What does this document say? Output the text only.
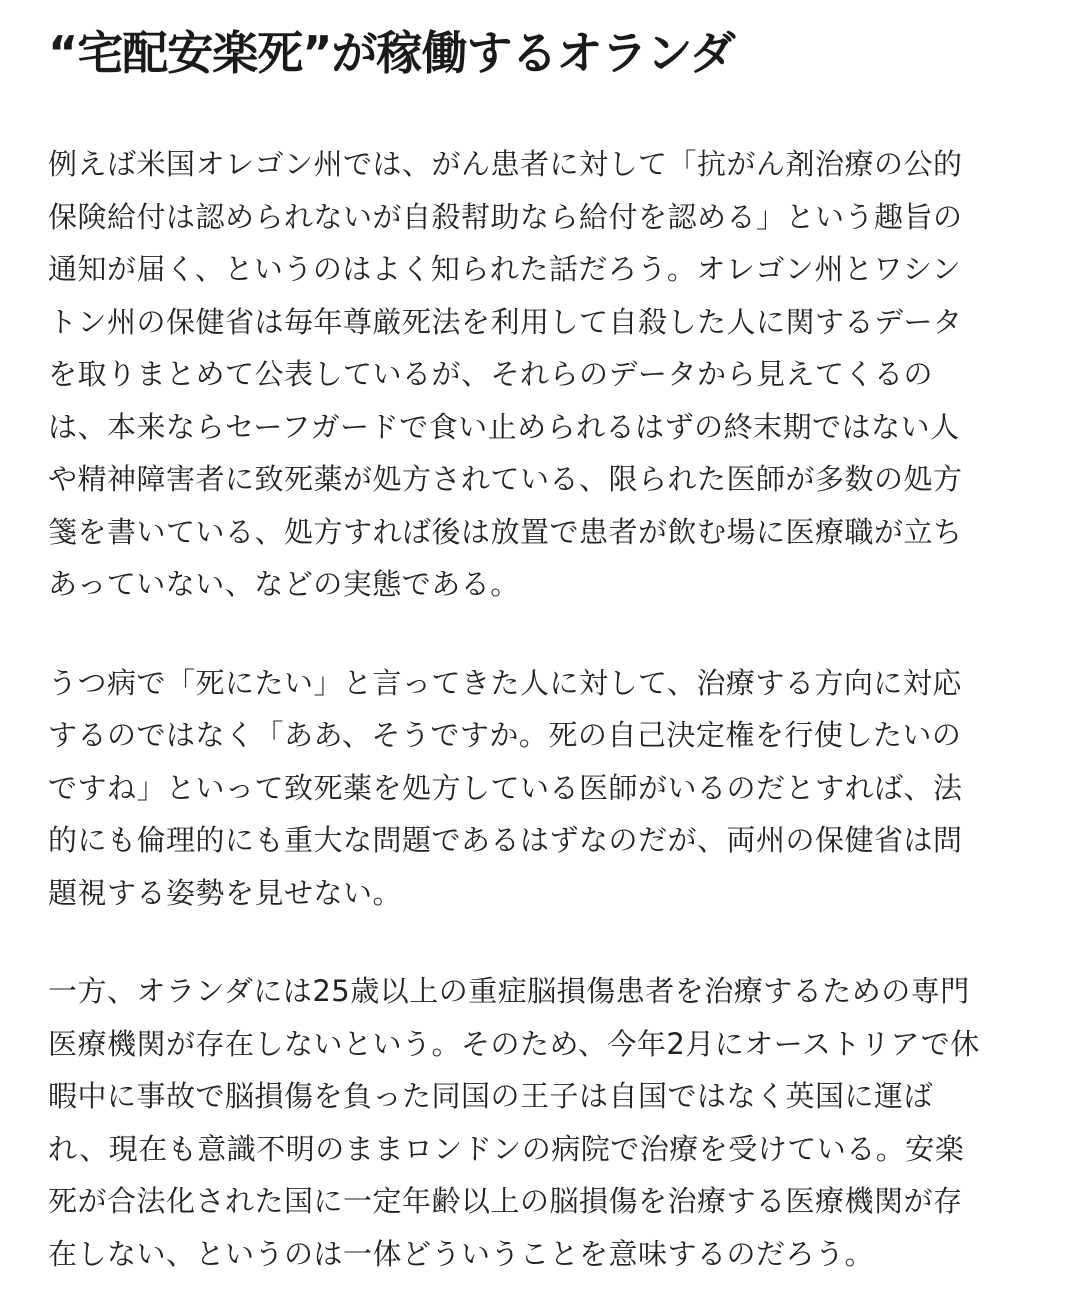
“宅配安楽死”が稼働するオランダ
例えば米国オレゴン州では、がん患者に対して「抗がん剤治療の公的
保険給付は認められないが自殺幇助なら給付を認める」という趣旨の
通知が届く、というのはよく知られた話だろう。オレゴン州とワシン
トン州の保健省は毎年尊厳死法を利用して自殺した人に関するデータ
を取りまとめて公表しているが、それらのデータから見えてくるの
は、本来ならセーフガードで食い止められるはずの終末期ではない人
や精神障害者に致死薬が処方されている、限られた医師が多数の処方
箋を書いている、処方すれば後は放置で患者が飲む場に医療職が立ち
あっていない、などの実態である。
うつ病で「死にたい」と言ってきた人に対して、治療する方向に対応
するのではなく「ああ、そうですか。死の自己決定権を行使したいの
ですね」といって致死薬を処方している医師がいるのだとすれば、法
的にも倫理的にも重大な問題であるはずなのだが、両州の保健省は問
題視する姿勢を見せない。
一方、オランダには25歳以上の重症脳損傷患者を治療するための専門
医療機関が存在しないという。そのため、今年2月にオーストリアで休
暇中に事故で脳損傷を負った同国の王子は自国ではなく英国に運ば
れ、現在も意識不明のままロンドンの病院で治療を受けている。安楽
死が合法化された国に一定年齢以上の脳損傷を治療する医療機関が存
在しない、というのは一体どういうことを意味するのだろう。
